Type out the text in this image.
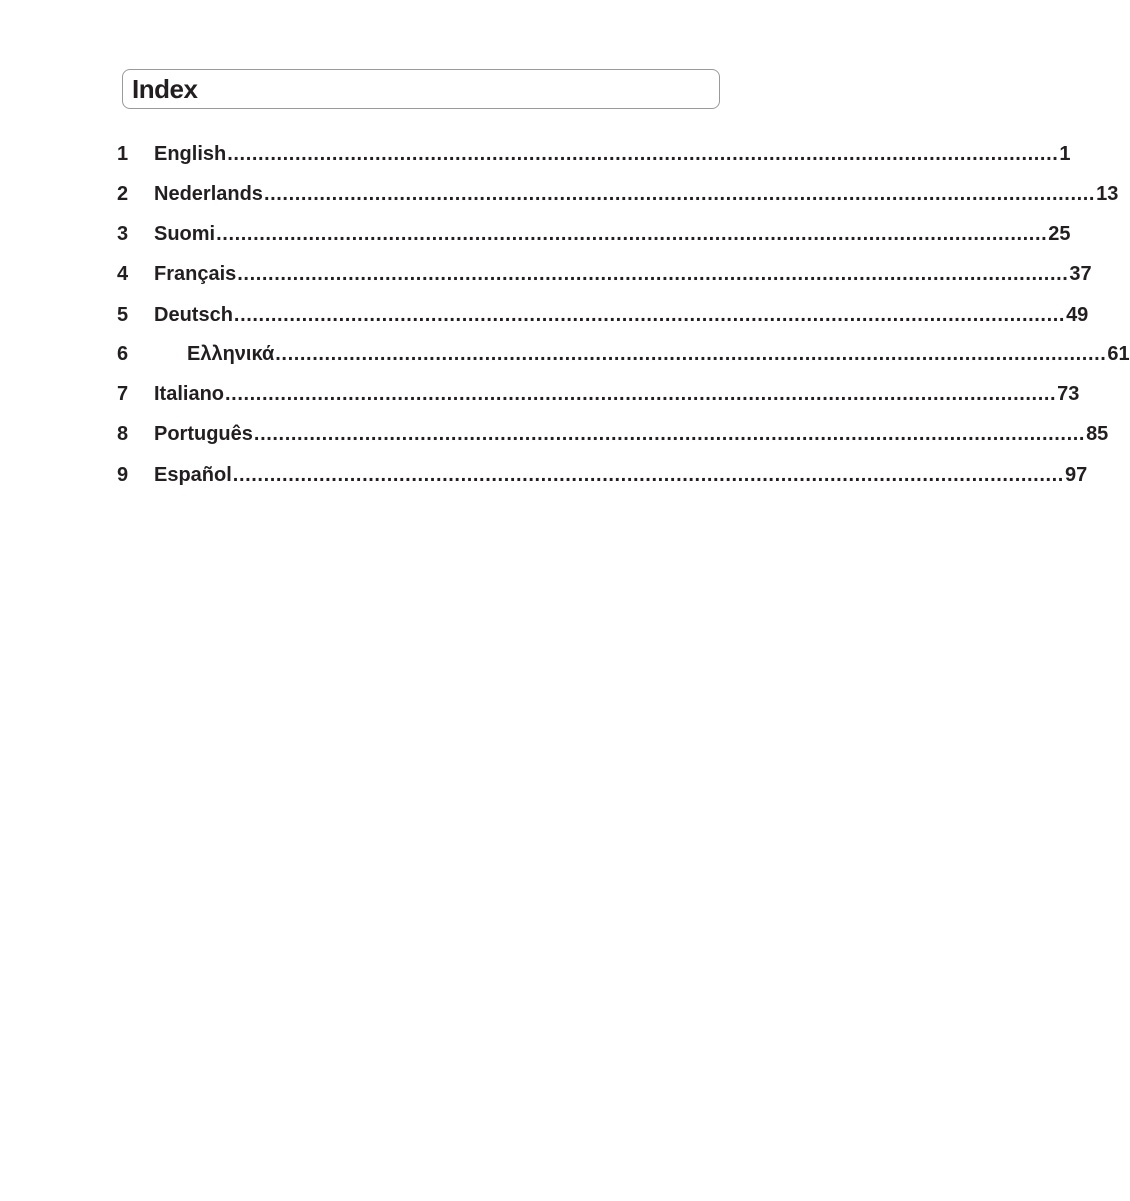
Index
1	English ....................................................................................................................................... 1
2	Nederlands ....................................................................................................................................... 13
3	Suomi ....................................................................................................................................... 25
4	Français ....................................................................................................................................... 37
5	Deutsch ....................................................................................................................................... 49
6	Ελληνικά ....................................................................................................................................... 61
7	Italiano ....................................................................................................................................... 73
8	Português ....................................................................................................................................... 85
9	Español ....................................................................................................................................... 97
